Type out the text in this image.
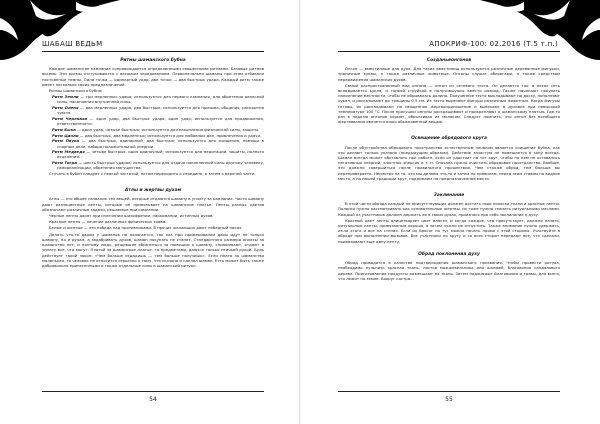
ШАБАШ ВЕДЬМ
Ритмы шаманского бубна

Каждое шаманское камлание сопровождается определенными священными ритмами. Базовых ритмов восемь. Эти ритмы отстукиваются с весомым чередованием. Первоначально шаманы при этом отбивали постоянные темпы. Одна точка — одинарный удар, две точки — два быстрых удара. Каждый ритм также имеет несколько своих предназначений.

Ритмы шаманского бубна:

Ритм Земли — три медленных удара; используется для первого камлания, для обретения реальной силы, накопления внутренней силы.

Ритм Оленя — два медленных удара, два быстрых; используется для призыва, общения, раскрытия чувств.

Ритм Черепахи — один удар, два быстрых удара, один удар; используется для продвижения, ответственности.

Ритм Быка — один удар, четыре быстрых; используется для накопления физической силы, защиты.

Ритм Цапли — два быстрых, два медленных; используется для любовных дел, привлечения и удачи.

Ритм Паука — два быстрых, одинарный, два быстрых; используется для очищения, помощи в спорном деле, набора положительной энергии.

Ритм Медведя — четыре быстрых, один одиночный; используется для медитации, защиты, полного исцеления.

Ритм Тигра — шесть быстрых ударов; используется для отдачи накопленной силы другому человеку, самореализации, обретения могущества.

Стучать в бубен следует с неокой частотой, потом переходить к середине, а затем к верхней части.

Атлы и жертвы духам

Атлы — это общее название тех вещей, которые отдаются шаману в уплату за камлание. Часто шаману дают разноцветные ленты, которые он привязывает на шаманское платье. Ленты разных цветов обозначают различные задачи, решаемые при камлании.

Черные ленты дарят при излечении шизофрении, наркомании, истинных духов.

Красные ленты — лечение различных физических травм.

Белые и желтые — это победа над противниками. В прочих желающих дают победный наказ.

Делать что-то даром у шаманов не полагается, так как при примеривании дары идут не только шаману, но и духам, а задабривать духов, шаман покупать не станет. Стандартного размера оплаты за шаманство нет, и поэтому людь, решившие обратиться за помощью к шаману, спрашивают, отдают в уплату все, что могут. Платой за шаманское платье, то предметами, даются только птичьей рукой. Будь действует такой закон: «Чем больше отдадишь — тем больше получишь». Если плата за шаманство маленькая, то человек не относится серьезно к тому, что сказано и сделал шаман. Есть может быть также добровольно принесенными а также отдельные силы в шаманский ритуал.

54
АПОКРИФ-100: 02.2016 (Т.5 т.п.)
Созданьеонгонов

Онгон — вместилище для духа. Для таких вместилищ используются различные деревянные фигурки, тряпичные куклы, а также различные животные. Онгоны служат оберегами, а также средством передвижения шаманских духов.

Самый распространенный вид онгона — онгон из сетевого теста. Он делается так: в песок сеть вкладывается кукла, и тонкой струйкой в получившуюся вместо разряд. Также начинают покупать наполнение местности, чтобы не обрывалась долина. Полученное тесто выкладывают на доску, пополняют кукол, и раскатывают до толщины 0,5 см. Из теста вырезают фигуры различных животных. Когда фигуры готовы, их раскладывают на священное жертвоприношение и выпекают в духовке при невысокой температуре 100 °C. После просушки онгоны раскрашивают и прикрепляют к шаманскому платью. Где-то раз в неделю онгонов кормят, обрызгивая их молоком. Следует помнить, что онгон без всеобщего жертвования является лишь обыкновенной вещью.

Освящение обрядового круга

После обустройства обрядового пространства естественным началом является очищение бубна, как это делают только указано (предыдущим образом). Действие зачастую не помещается в зону всегда. Шаман всегда может обставлять при работе, если он удостоит на тот круг, чтобы на нем не оставались негативных энергий, злостная энергия и т. п. Сначала нужно очистить обрядовое пространство. Вообще, это должно совершиться после правильного прошествия. Чем строже обряд, тем больше вы перепроверяете. Несмотря на то, что мы делаем что-то и затем по правилам, перед этим ставим на видное место, а по нашей традиции круг, поднимаем на предназначенное место.

Заклинание

В этой части обряда каждый не присутствующих должен достать свои полоски ткани и красные ленты. Полоски нужно рассматривать как основательные жертвы, их тоже нужно смазать ритуальными маслами. Каждый из участников должен держать ее в своих руках, произнося про себя заклинание к духу.

Красный цвет ленты олицетворяет цвет власти, и когда каждое, что присутствует, должно начать, ритуальные ленты, привязанные хорошо, а затем нужно их отпустить. Также внимание нужно удержать, из-за этого и все на стенах. Если их бросят по тут можно начать прямо с этой стороны. Участвуйте в обряде при выполнении вызовов. Все участники по кругу и со всех сторон передают все, что сделали, привязывают еще одну ленту.

Обряд поклонения духу

Обряд проводится в качестве подтверждения шаманского призвания. Чтобы провести ритуал, необходимо пульпить красная ткань, листья можжевельника или шалфей, благовония сандалового дерева. Приготовление продукты размещают на ткань. Затем поджигают благовония и травы, для всего, что лежит на земле. Вокруг костра...

55
